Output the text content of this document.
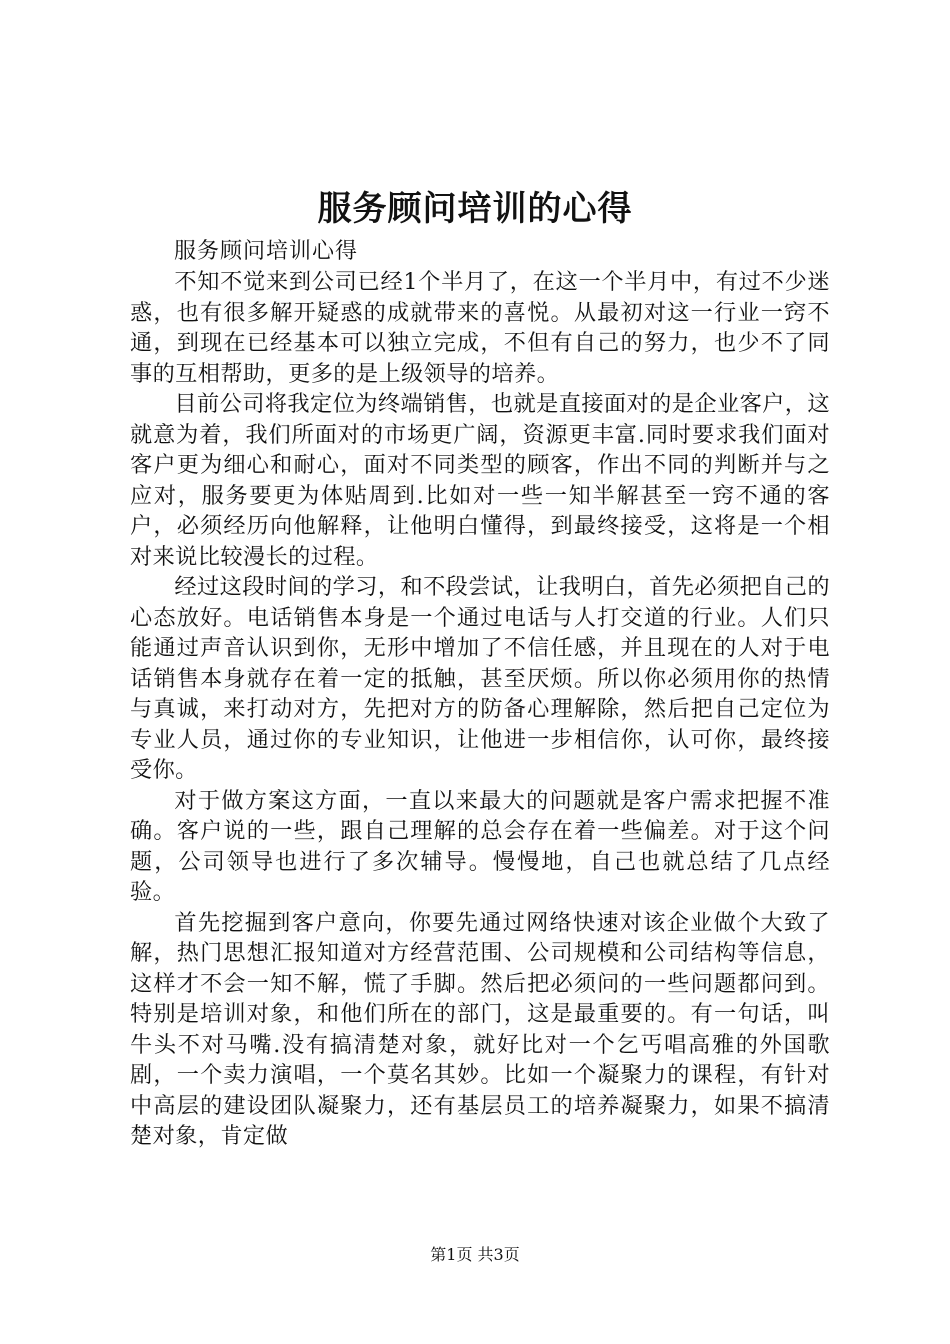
服务顾问培训的心得
服务顾问培训心得

不知不觉来到公司已经1个半月了，在这一个半月中，有过不少迷惑，也有很多解开疑惑的成就带来的喜悦。从最初对这一行业一窍不通，到现在已经基本可以独立完成，不但有自己的努力，也少不了同事的互相帮助，更多的是上级领导的培养。

目前公司将我定位为终端销售，也就是直接面对的是企业客户，这就意为着，我们所面对的市场更广阔，资源更丰富.同时要求我们面对客户更为细心和耐心，面对不同类型的顾客，作出不同的判断并与之应对，服务要更为体贴周到.比如对一些一知半解甚至一窍不通的客户，必须经历向他解释，让他明白懂得，到最终接受，这将是一个相对来说比较漫长的过程。

经过这段时间的学习，和不段尝试，让我明白，首先必须把自己的心态放好。电话销售本身是一个通过电话与人打交道的行业。人们只能通过声音认识到你，无形中增加了不信任感，并且现在的人对于电话销售本身就存在着一定的抵触，甚至厌烦。所以你必须用你的热情与真诚，来打动对方，先把对方的防备心理解除，然后把自己定位为专业人员，通过你的专业知识，让他进一步相信你，认可你，最终接受你。

对于做方案这方面，一直以来最大的问题就是客户需求把握不准确。客户说的一些，跟自己理解的总会存在着一些偏差。对于这个问题，公司领导也进行了多次辅导。慢慢地，自己也就总结了几点经验。

首先挖掘到客户意向，你要先通过网络快速对该企业做个大致了解，热门思想汇报知道对方经营范围、公司规模和公司结构等信息，这样才不会一知不解，慌了手脚。然后把必须问的一些问题都问到。特别是培训对象，和他们所在的部门，这是最重要的。有一句话，叫牛头不对马嘴.没有搞清楚对象，就好比对一个乞丐唱高雅的外国歌剧，一个卖力演唱，一个莫名其妙。比如一个凝聚力的课程，有针对中高层的建设团队凝聚力，还有基层员工的培养凝聚力，如果不搞清楚对象，肯定做

第1页 共3页
